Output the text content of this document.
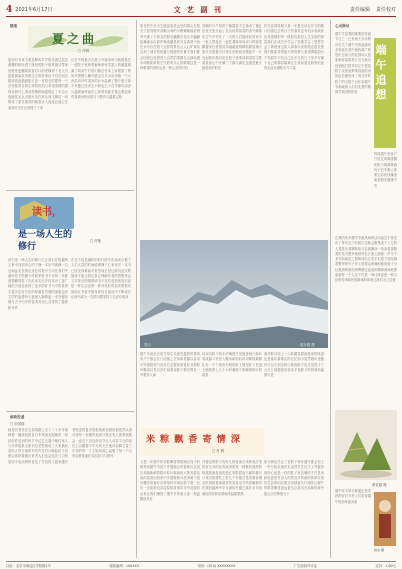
4 2021年6月17日	文 艺 副 刊	责任编辑 责任校对
随笔
夏之曲
□ 许明
夏至时节草木葱茏蝉鸣声声阳光透过层层叠叠的树叶洒下斑驳的影子微风拂过带来田野里麦穗的清香村口的老槐树下老人们摇着蒲扇讲述着过去的故事孩子们在河边嬉戏追逐蜻蜓夏天是一首悠长的歌每一个音符都饱含着生命的热烈与希望清晨的露珠在荷叶上滚动傍晚的晚霞映红了半边天夜晚星光点点萤火虫在草丛间飞舞这一切构成了夏日最美的画卷让人流连忘返心生欢喜时光在这里慢了下来
记忆中的夏天总是与外婆家的小院联系在一起院子里种着葡萄和丝瓜架上的藤蔓爬满了阴凉午后我们躺在竹床上听着知了的叫声慢慢入睡外婆会在井水里冰镇一个大西瓜切开时清凉的汁水溢满了整个夏天如今外婆已经老去小院也已不在可那份清凉与温暖始终留在心底每到夏至便会想起那些简单而快乐的日子愿岁月温柔以待
读书，
是一场人生的修行
□ 许艳
读书是一场人生的修行它让我们在喧嚣的尘世中找到内心的宁静一本好书就像一位良师益友在我们迷茫时指引方向在我们失落时给予慰藉小时候家里书不多每一本都被我翻得卷了边后来走出乡村见识了更广阔的天地也读到了更多的好书书中的世界丰富多彩有历史的厚重有哲理的深邃也有文学的浪漫每当夜深人静捧起一本书便仿佛与古今中外的智者对话心灵得到了滋养和升华
在这个信息爆炸的时代碎片化阅读占据了人们大量的时间能够静下心来读完一本书已经变得难能可贵然而正是这种沉浸式的阅读才能让我们真正理解作者的思想体会文字背后的情感读书不仅仅是获取知识更是一种生活态度一种对美好的追求愿我们都能在书香中修身养性在阅读中不断成长让读书成为一生的习惯坚持下去必有收获
邮政投递
□ 申国瑞
邮递员老张在这条线路上走了二十多年他骑着一辆绿色的自行车风雨无阻地把一封封信件送到村民手中过去交通不便村里人与外界联系全靠书信老张就成了大家最盼望的人每当他的车铃声在村口响起孩子们便会欢呼着跑出来老人们也会站在门口张望如今电话网络普及了写信的人越来越少老张送的更多是报纸和包裹但他依然认真对待每一份邮件他说只要还有人需要他就会一直走下去这份坚守让人动容平凡的岗位上闪耀着不平凡的光芒他用双脚丈量了乡村的每一寸土地用真心温暖了每一户人家这就是最朴实的担当与情怀
夏日的午后天空湛蓝如洗远处的群山在阳光下显得格外清晰山间的小路蜿蜒曲折两旁开满了不知名的野花蝴蝶在花丛中翩翩起舞溪水叮咚作响清澈见底可以看到小鱼在水中自在游弋这样的景色让人心旷神怡忘却了城市的喧嚣与烦恼每年夏天我们都会回到这里感受大自然的馈赠在山林间漫步呼吸新鲜的空气聆听鸟儿的歌唱这是一种难得的放松也是一种心灵的回归
傍晚时分夕阳西下晚霞将天空染成了橘红色村庄里升起了袅袅炊烟饭菜的香气飘散在空气中劳作了一天的人们陆续回到家中一家人围坐在一起吃着简单而可口的饭菜聊着家长里短其乐融融夜幕降临繁星满天萤火虫提着小灯笼在田野间穿梭蛙声一片此起彼伏我们坐在院子里乘凉仰望星空数着星星心中充满了宁静与满足这便是夏天最美好的时光
时光荏苒转眼又是一年夏至站在岁月的路口回望过去的日子有欢笑也有泪水有收获也有遗憾但每一段经历都是人生宝贵的财富我们在成长中学会了坚强学会了感恩学会了珍惜身边的人和事未来的路还很长愿我们都能带着夏天的热情与希望勇敢前行不负韶华不负自己在平凡的日子里书写属于自己的精彩篇章让生命如夏花般绚烂绽放永远充满阳光与力量
雪山	郭东娟 摄
端午节前后正是艾草生长最茂盛的时候家家户户都会在门前插上艾草和菖蒲以祈求平安驱除邪气母亲总会提前准备好各种粽叶糯米红枣豆沙忙碌着包粽子我们围在一旁看得入神
母亲包粽子的手法娴熟只见她将两片粽叶卷成漏斗状放入糯米和馅料再用棉线紧紧扎好一个个棱角分明的粽子便包好了放进大锅里煮上几个小时满屋子都飘着粽叶的清香
剥开粽叶咬上一口软糯香甜那是家的味道也是童年最难忘的记忆如今虽然超市里随时可以买到各种口味的粽子但总觉得少了点什么那便是母亲亲手包粽子时的那份温情与爱
米 粽 飘 香 寄 情 深
□ 肖 利
又是一年端午时米粽飘香寄情深记得小时候每到端午节前夕外婆便会带着我们去河边采摘新鲜的粽叶粽叶翠绿宽大散发着淡淡的清香回到家中外婆将粽叶洗净晾干泡好糯米准备好各种馅料开始包粽子她一边包一边给我们讲屈原的故事讲龙舟竞渡的由来让我们懂得了端午节的意义那一刻温馨而美好
外婆包的粽子有好几种有纯白米的有红枣的有豆沙的还有咸肉的每一种都有独特的味道我最喜欢的是红枣粽甜而不腻软糯可口每次都要吃上好几个外婆总是笑着说慢点吃别噎着那慈祥的笑容至今仍清晰地印在我的脑海中岁月流转外婆已离开多年但那份浓浓的亲情始终温暖着我
如今我也学会了包粽子每年端午都会包上一些分给亲朋好友虽然手艺比不上外婆但那份心意是一样的粽子里包裹的不仅是米和馅更是对亲人的思念对传统的传承对美好生活的向往愿这份情谊代代相传让端午的粽香飘得更远更久让我们在品味传统中铭记历史珍惜当下
心灵驿站
端午节是我国重要的传统节日之一已有两千多年的历史关于端午节的起源有多种说法其中流传最广的是纪念伟大的爱国诗人屈原相传屈原投江后当地百姓划船打捞并向江中投放粽子以免鱼虾啃食他的身体此后便形成了赛龙舟吃粽子的习俗千百年来端午节承载着人们对先贤的敬仰对家国的热爱	端 午 追 想
每逢端午家家户户挂艾草佩香囊吃粽子喝雄黄酒孩子们手腕上系着五彩丝线寓意驱邪避灾健康平安
在我的家乡端午节最热闹的活动莫过于赛龙舟了每年这个时候江边都会聚集成千上万的人观看比赛锣鼓喧天彩旗飘扬一条条装饰精美的龙舟整齐地排列在江面上随着一声令下龙舟如离弦之箭般冲出去桨手们奋力划桨喊着整齐的号子岸上的观众呐喊助威场面十分壮观那种团结拼搏勇往直前的精神深深地感染着每一个人这不仅是一场比赛更是一种文化的传承和民族精神的体现让我们为之自豪
黄亚娟 摄
端午时节草木繁盛正是采药的好时节老人们常说端午的药草最灵验
楼东 摄
社址：北京市海淀区学院路1号	邮政编码：100XXX	电话：(010) XXXXXXXX	广告经营许可证	定价：1.00元
